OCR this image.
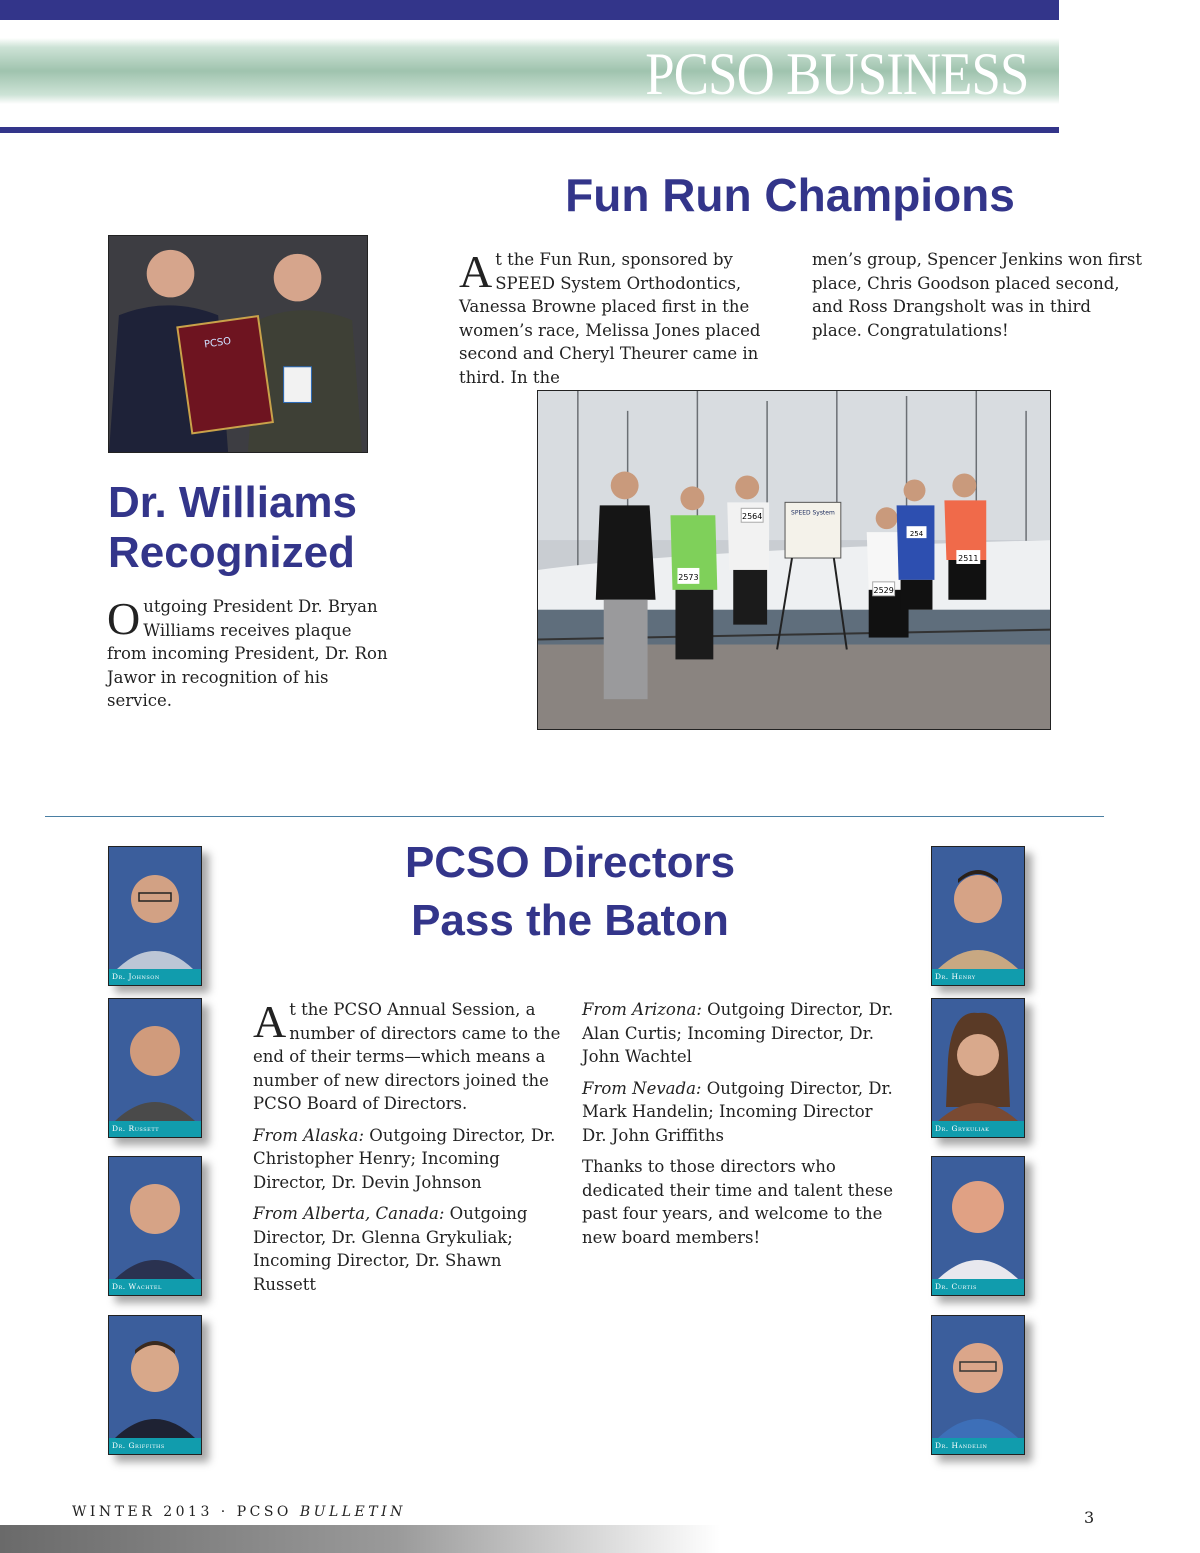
PCSO BUSINESS
Fun Run Champions
At the Fun Run, sponsored by SPEED System Orthodontics, Vanessa Browne placed first in the women’s race, Melissa Jones placed second and Cheryl Theurer came in third. In the
men’s group, Spencer Jenkins won first place, Chris Goodson placed second, and Ross Drangsholt was in third place. Congratulations!
SPEED System
2573
2564
2529
254
2511
PCSO
Dr. Williams
Recognized
Outgoing President Dr. Bryan Williams receives plaque from incoming President, Dr. Ron Jawor in recognition of his service.
PCSO Directors
Pass the Baton

At the PCSO Annual Session, a number of directors came to the end of their terms—which means a number of new directors joined the PCSO Board of Directors.

From Alaska: Outgoing Director, Dr. Christopher Henry; Incoming Director, Dr. Devin Johnson

From Alberta, Canada: Outgoing Director, Dr. Glenna Grykuliak; Incoming Director, Dr. Shawn Russett

From Arizona: Outgoing Director, Dr. Alan Curtis; Incoming Director, Dr. John Wachtel

From Nevada: Outgoing Director, Dr. Mark Handelin; Incoming Director Dr. John Griffiths

Thanks to those directors who dedicated their time and talent these past four years, and welcome to the new board members!

Dr. Johnson
Dr. Russett
Dr. Wachtel
Dr. Griffiths
Dr. Henry
Dr. Grykuliak
Dr. Curtis
Dr. Handelin
WINTER 2013 · PCSO BULLETIN	3
